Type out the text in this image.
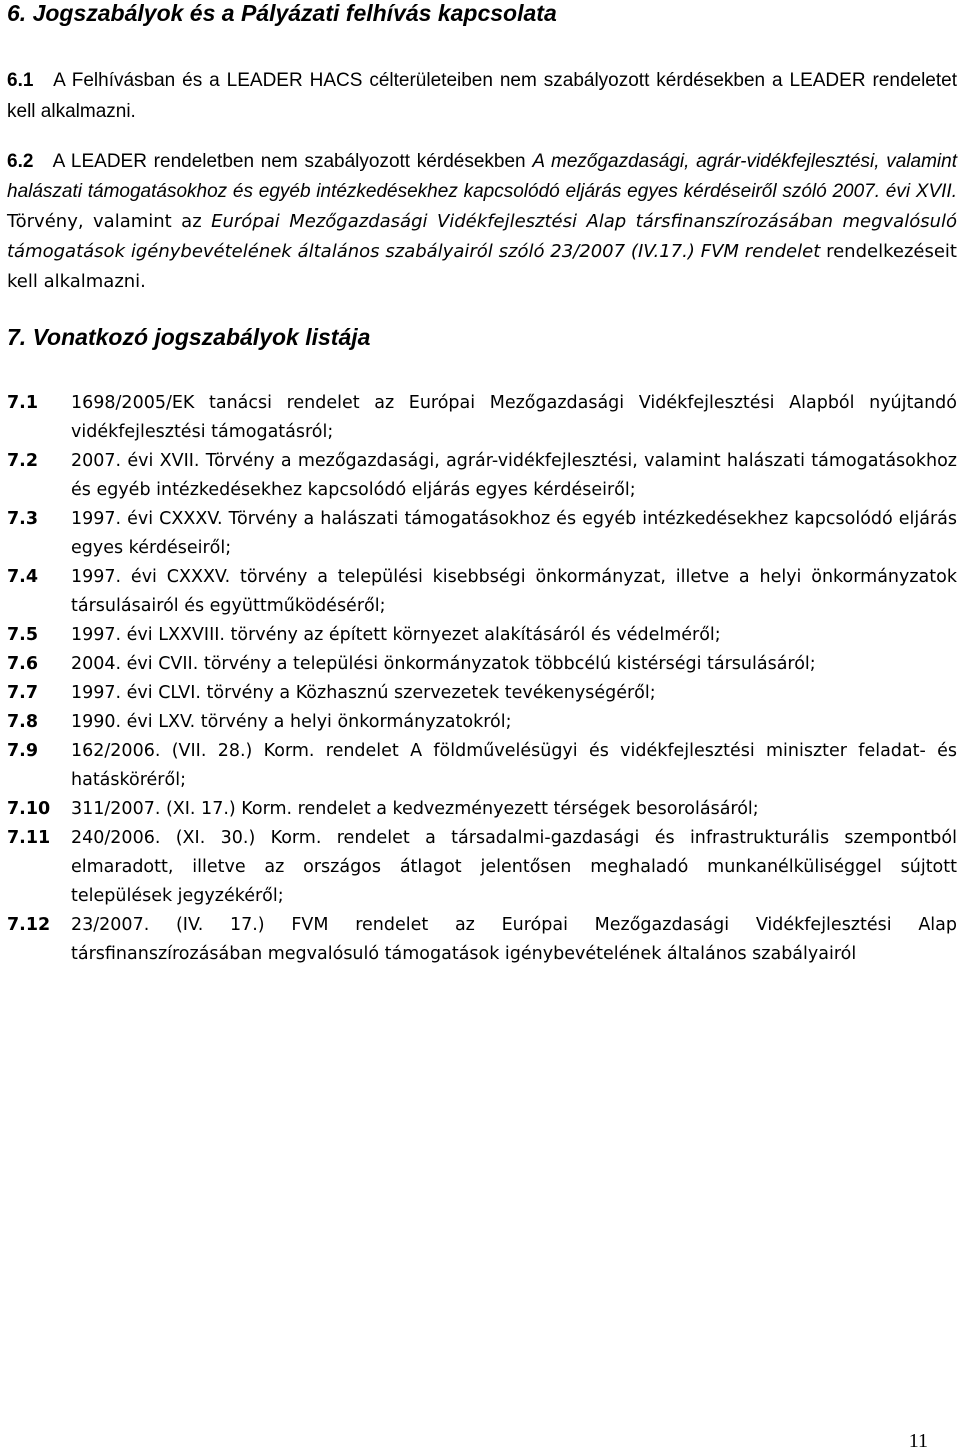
6. Jogszabályok és a Pályázati felhívás kapcsolata
6.1 A Felhívásban és a LEADER HACS célterületeiben nem szabályozott kérdésekben a LEADER rendeletet kell alkalmazni.
6.2 A LEADER rendeletben nem szabályozott kérdésekben A mezőgazdasági, agrár-vidékfejlesztési, valamint halászati támogatásokhoz és egyéb intézkedésekhez kapcsolódó eljárás egyes kérdéseiről szóló 2007. évi XVII. Törvény, valamint az Európai Mezőgazdasági Vidékfejlesztési Alap társfinanszírozásában megvalósuló támogatások igénybevételének általános szabályairól szóló 23/2007 (IV.17.) FVM rendelet rendelkezéseit kell alkalmazni.
7. Vonatkozó jogszabályok listája
7.1	1698/2005/EK tanácsi rendelet az Európai Mezőgazdasági Vidékfejlesztési Alapból nyújtandó vidékfejlesztési támogatásról;
7.2	2007. évi XVII. Törvény a mezőgazdasági, agrár-vidékfejlesztési, valamint halászati támogatásokhoz és egyéb intézkedésekhez kapcsolódó eljárás egyes kérdéseiről;
7.3	1997. évi CXXXV. Törvény a halászati támogatásokhoz és egyéb intézkedésekhez kapcsolódó eljárás egyes kérdéseiről;
7.4	1997. évi CXXXV. törvény a települési kisebbségi önkormányzat, illetve a helyi önkormányzatok társulásairól és együttműködéséről;
7.5	1997. évi LXXVIII. törvény az épített környezet alakításáról és védelméről;
7.6	2004. évi CVII. törvény a települési önkormányzatok többcélú kistérségi társulásáról;
7.7	1997. évi CLVI. törvény a Közhasznú szervezetek tevékenységéről;
7.8	1990. évi LXV. törvény a helyi önkormányzatokról;
7.9	162/2006. (VII. 28.) Korm. rendelet A földművelésügyi és vidékfejlesztési miniszter feladat- és hatásköréről;
7.10	311/2007. (XI. 17.) Korm. rendelet a kedvezményezett térségek besorolásáról;
7.11	240/2006. (XI. 30.) Korm. rendelet a társadalmi-gazdasági és infrastrukturális szempontból elmaradott, illetve az országos átlagot jelentősen meghaladó munkanélküliséggel sújtott települések jegyzékéről;
7.12	23/2007. (IV. 17.) FVM rendelet az Európai Mezőgazdasági Vidékfejlesztési Alap társfinanszírozásában megvalósuló támogatások igénybevételének általános szabályairól
11
